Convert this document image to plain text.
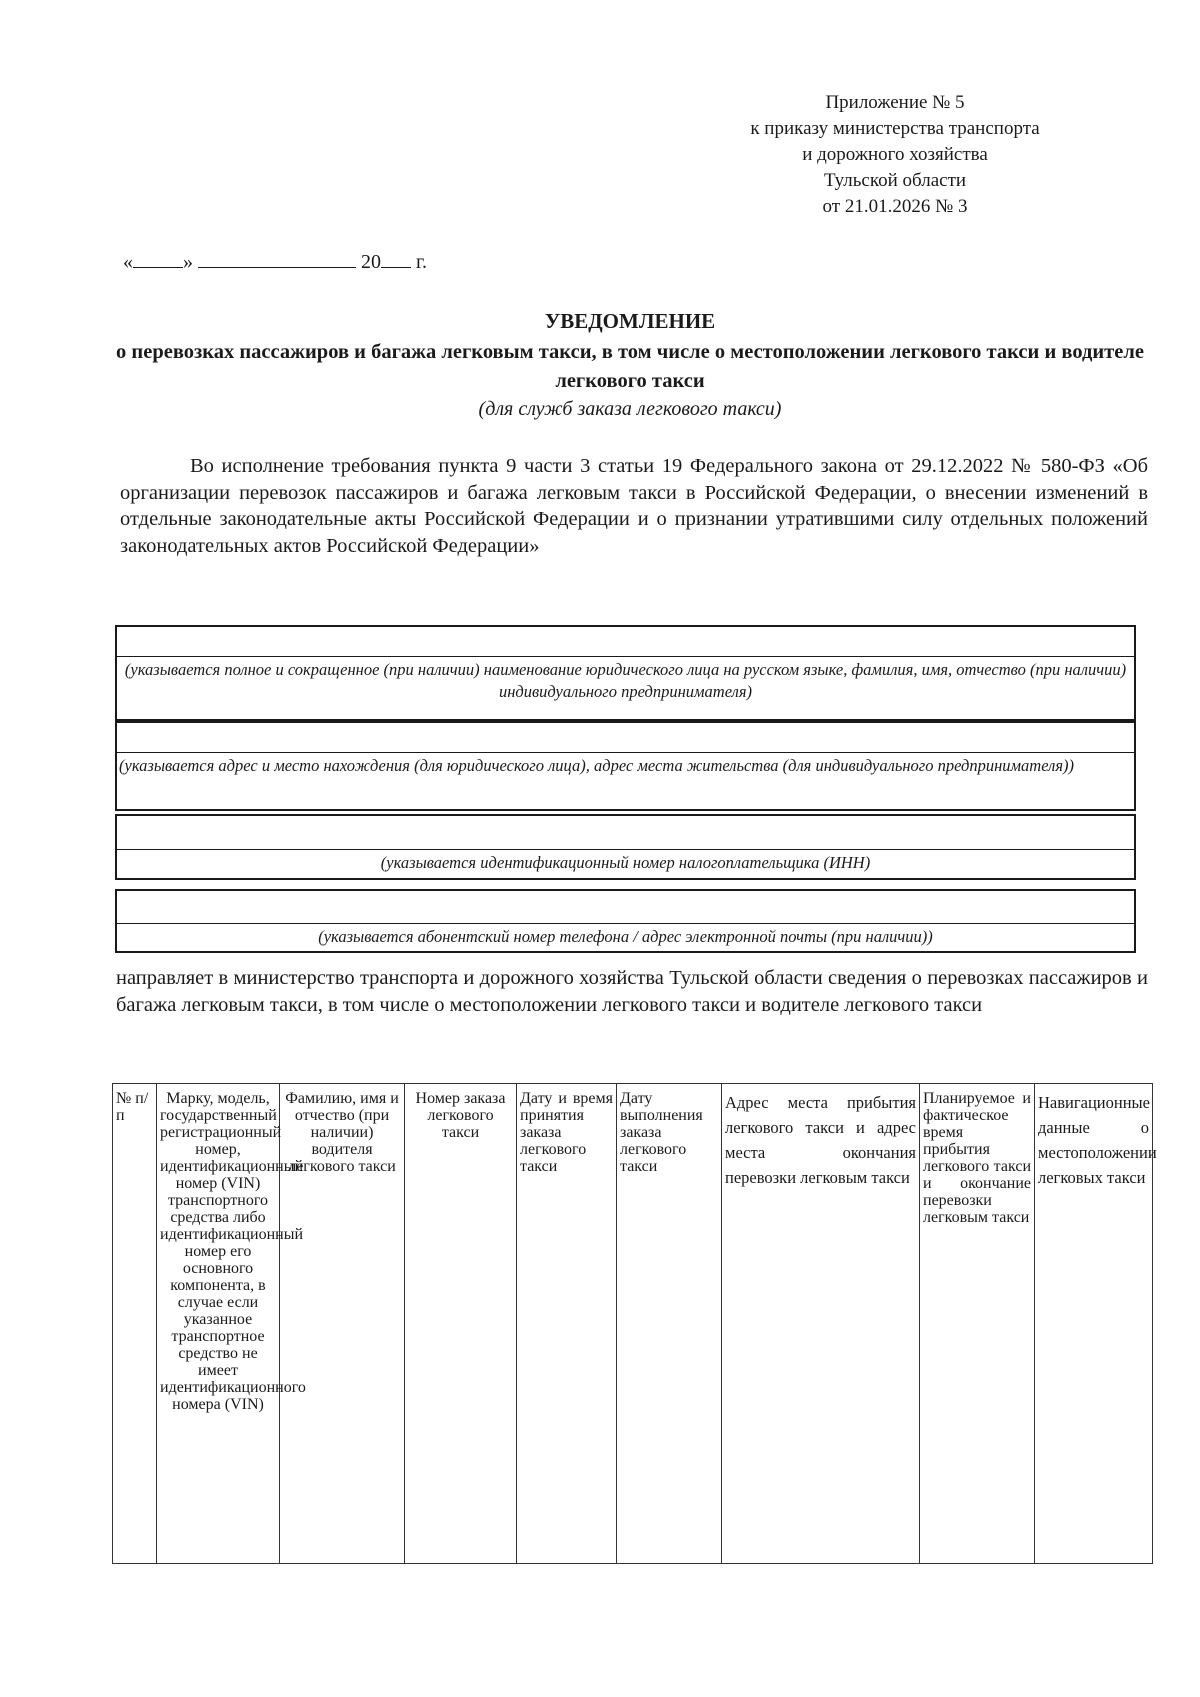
Приложение № 5
к приказу министерства транспорта
и дорожного хозяйства
Тульской области
от 21.01.2026 № 3
«	»	20 г.
УВЕДОМЛЕНИЕ
о перевозках пассажиров и багажа легковым такси, в том числе о местоположении легкового такси и водителе легкового такси
(для служб заказа легкового такси)

Во исполнение требования пункта 9 части 3 статьи 19 Федерального закона от 29.12.2022 № 580-ФЗ «Об организации перевозок пассажиров и багажа легковым такси в Российской Федерации, о внесении изменений в отдельные законодательные акты Российской Федерации и о признании утратившими силу отдельных положений законодательных актов Российской Федерации»

(указывается полное и сокращенное (при наличии) наименование юридического лица на русском языке, фамилия, имя, отчество (при наличии) индивидуального предпринимателя)
(указывается адрес и место нахождения (для юридического лица), адрес места жительства (для индивидуального предпринимателя))
(указывается идентификационный номер налогоплательщика (ИНН)
(указывается абонентский номер телефона / адрес электронной почты (при наличии))

направляет в министерство транспорта и дорожного хозяйства Тульской области сведения о перевозках пассажиров и багажа легковым такси, в том числе о местоположении легкового такси и водителе легкового такси

№ п/п	Марку, модель, государственный регистрационный номер, идентификационный номер (VIN) транспортного средства либо идентификационный номер его основного компонента, в случае если указанное транспортное средство не имеет идентификационного номера (VIN)	Фамилию, имя и отчество (при наличии) водителя легкового такси	Номер заказа легкового такси	Дату и время принятия заказа легкового такси	Дату выполнения заказа легкового такси	Адрес места прибытия легкового такси и адрес места окончания перевозки легковым такси	Планируемое и фактическое время прибытия легкового такси и окончание перевозки легковым такси	Навигационные данные о местоположении легковых такси
